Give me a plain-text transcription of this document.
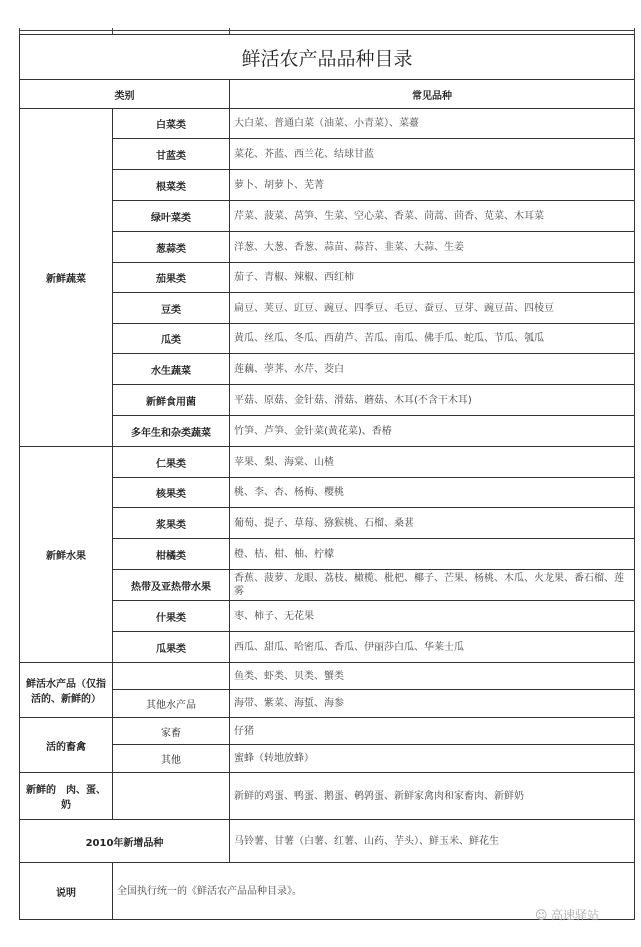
鲜活农产品品种目录		
类别		常见品种
新鲜蔬菜	白菜类	大白菜、普通白菜（油菜、小青菜）、菜薹
	甘蓝类	菜花、芥蓝、西兰花、结球甘蓝
	根菜类	萝卜、胡萝卜、芜菁
	绿叶菜类	芹菜、菠菜、莴笋、生菜、空心菜、香菜、茼蒿、茴香、苋菜、木耳菜
	葱蒜类	洋葱、大葱、香葱、蒜苗、蒜苔、韭菜、大蒜、生姜
	茄果类	茄子、青椒、辣椒、西红柿
	豆类	扁豆、荚豆、豇豆、豌豆、四季豆、毛豆、蚕豆、豆芽、豌豆苗、四棱豆
	瓜类	黄瓜、丝瓜、冬瓜、西葫芦、苦瓜、南瓜、佛手瓜、蛇瓜、节瓜、瓠瓜
	水生蔬菜	莲藕、荸荠、水芹、茭白
	新鲜食用菌	平菇、原菇、金针菇、滑菇、蘑菇、木耳(不含干木耳)
	多年生和杂类蔬菜	竹笋、芦笋、金针菜(黄花菜)、香椿
新鲜水果	仁果类	苹果、梨、海棠、山楂
	核果类	桃、李、杏、杨梅、樱桃
	浆果类	葡萄、提子、草莓、猕猴桃、石榴、桑葚
	柑橘类	橙、桔、柑、柚、柠檬
	热带及亚热带水果	香蕉、菠萝、龙眼、荔枝、橄榄、枇杷、椰子、芒果、杨桃、木瓜、火龙果、番石榴、莲雾
	什果类	枣、柿子、无花果
	瓜果类	西瓜、甜瓜、哈密瓜、香瓜、伊丽莎白瓜、华莱士瓜
鲜活水产品（仅指活的、新鲜的）		鱼类、虾类、贝类、蟹类
	其他水产品	海带、紫菜、海蜇、海参
活的畜禽	家畜	仔猪
	其他	蜜蜂（转地放蜂）
新鲜的　肉、蛋、奶		新鲜的鸡蛋、鸭蛋、鹅蛋、鹌鹑蛋、新鲜家禽肉和家畜肉、新鲜奶
2010年新增品种		马铃薯、甘薯（白薯、红薯、山药、芋头）、鲜玉米、鲜花生
说明	全国执行统一的《鲜活农产品品种目录》。	
☺ 高速驿站
